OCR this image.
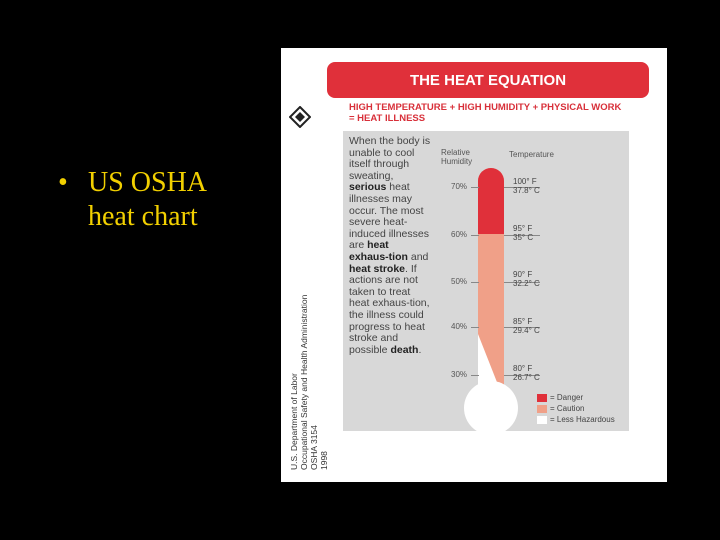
• US OSHA
heat chart
U.S. Department of Labor Occupational Safety and Health Administration OSHA 3154 1998
THE HEAT EQUATION
HIGH TEMPERATURE + HIGH HUMIDITY + PHYSICAL WORK
= HEAT ILLNESS
When the body is unable to cool itself through sweating, serious heat illnesses may occur. The most severe heat-induced illnesses are heat exhaus-tion and heat stroke. If actions are not taken to treat heat exhaus-tion, the illness could progress to heat stroke and possible death.
Relative
Humidity
Temperature
70%
60%
50%
40%
30%
100° F
37.8° C
95° F
35° C
90° F
32.2° C
85° F
29.4° C
80° F
26.7° C
= Danger
= Caution
= Less Hazardous
